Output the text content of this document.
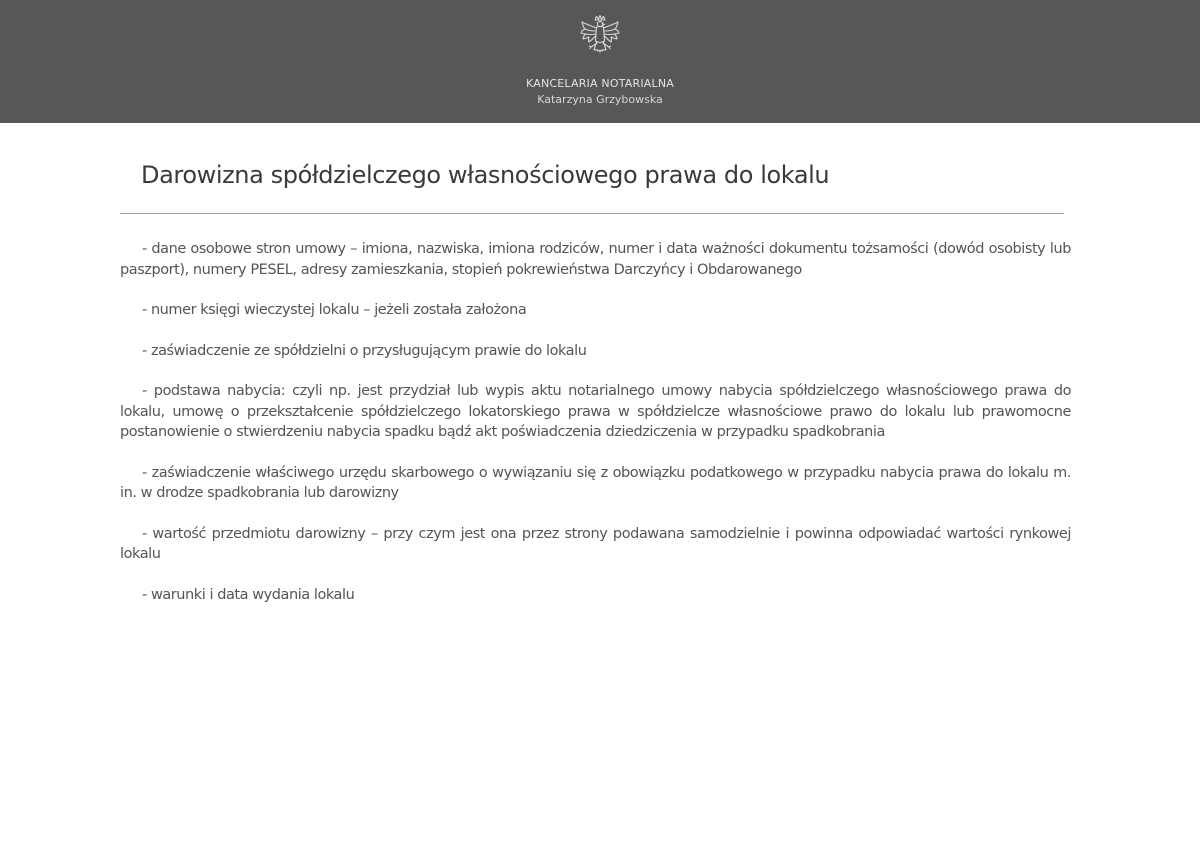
KANCELARIA NOTARIALNA
Katarzyna Grzybowska
Darowizna spółdzielczego własnościowego prawa do lokalu

- dane osobowe stron umowy – imiona, nazwiska, imiona rodziców, numer i data ważności dokumentu tożsamości (dowód osobisty lub paszport), numery PESEL, adresy zamieszkania, stopień pokrewieństwa Darczyńcy i Obdarowanego

- numer księgi wieczystej lokalu – jeżeli została założona

- zaświadczenie ze spółdzielni o przysługującym prawie do lokalu

- podstawa nabycia: czyli np. jest przydział lub wypis aktu notarialnego umowy nabycia spółdzielczego własnościowego prawa do lokalu, umowę o przekształcenie spółdzielczego lokatorskiego prawa w spółdzielcze własnościowe prawo do lokalu lub prawomocne postanowienie o stwierdzeniu nabycia spadku bądź akt poświadczenia dziedziczenia w przypadku spadkobrania

- zaświadczenie właściwego urzędu skarbowego o wywiązaniu się z obowiązku podatkowego w przypadku nabycia prawa do lokalu m. in. w drodze spadkobrania lub darowizny

- wartość przedmiotu darowizny – przy czym jest ona przez strony podawana samodzielnie i powinna odpowiadać wartości rynkowej lokalu

- warunki i data wydania lokalu
